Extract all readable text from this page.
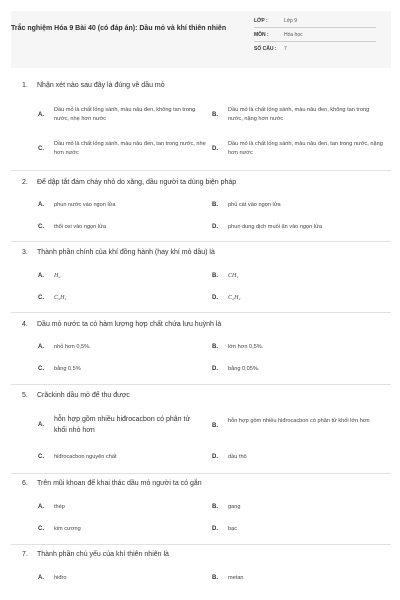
Trắc nghiệm Hóa 9 Bài 40 (có đáp án): Dầu mỏ và khí thiên nhiên
LỚP :	Lớp 9
MÔN :	Hóa học
SỐ CÂU : 7
1. Nhận xét nào sau đây là đúng về dầu mỏ
A.
Dầu mỏ là chất lỏng sánh, màu nâu đen, không tan trong nước, nhẹ hơn nước
B.
Dầu mỏ là chất lỏng sánh, màu nâu đen, không tan trong nước, nặng hơn nước
C.
Dầu mỏ là chất lỏng sánh, màu nâu đen, tan trong nước, nhẹ hơn nước
D.
Dầu mỏ là chất lỏng sánh, màu nâu đen, tan trong nước, nặng hơn nước
2. Để dập tắt đám cháy nhỏ do xăng, dầu người ta dùng biện pháp
A. phun nước vào ngọn lửa	B. phủ cát vào ngọn lửa
C. thổi oxi vào ngọn lửa	D. phun dung dịch muối ăn vào ngọn lửa
3. Thành phần chính của khí đồng hành (hay khí mỏ dầu) là
A. H₂	B. CH₄
C. C₂H₄	D. C₂H₂
4. Dầu mỏ nước ta có hàm lượng hợp chất chứa lưu huỳnh là
A. nhỏ hơn 0,5%.	B. lớn hơn 0,5%.
C. bằng 0,5%	D. bằng 0,05%.
5. Crăckinh dầu mỏ để thu được
A.
hỗn hợp gồm nhiều hiđrocacbon có phân tử khối nhỏ hơn
B.
hỗn hợp gồm nhiều hiđrocacbon có phân tử khối lớn hơn
C. hiđrocacbon nguyên chất	D. dầu thô
6. Trên mũi khoan để khai thác dầu mỏ người ta có gắn
A. thép	B. gang
C. kim cương	D. bạc
7. Thành phần chủ yếu của khí thiên nhiên là
A. hiđro	B. metan
